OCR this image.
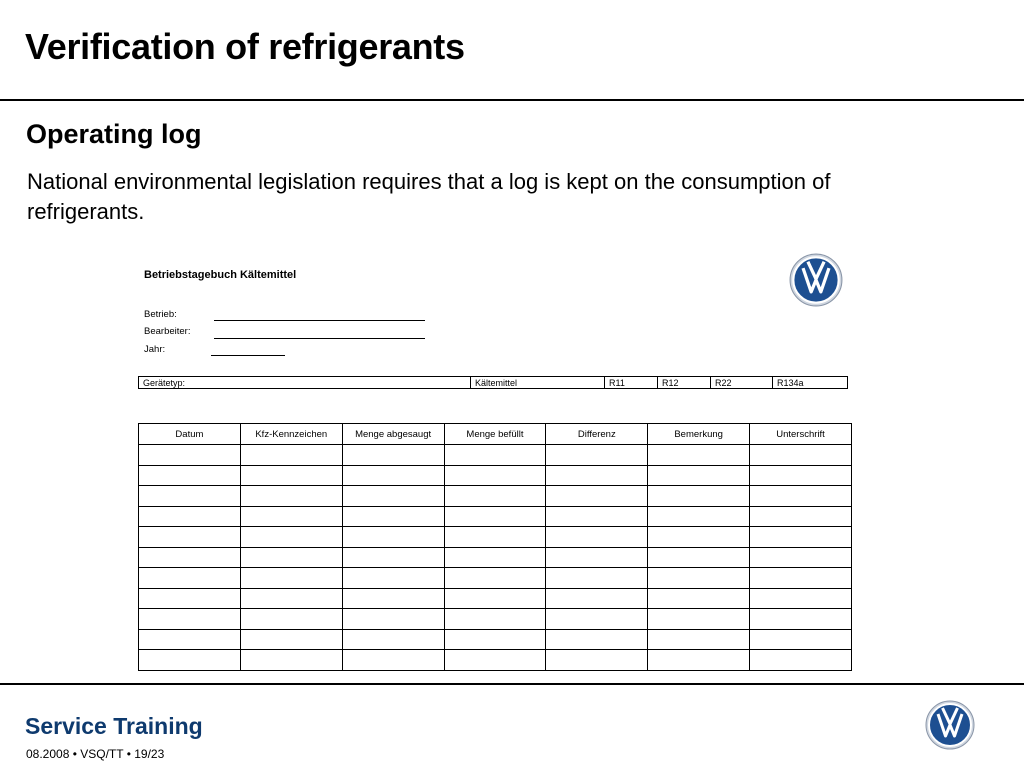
Verification of refrigerants
Operating log
National environmental legislation requires that a log is kept on the consumption of refrigerants.
Betriebstagebuch Kältemittel
Betrieb:
Bearbeiter:
Jahr:
Gerätetyp:	Kältemittel	R11	R12	R22	R134a
Datum	Kfz-Kennzeichen	Menge abgesaugt	Menge befüllt	Differenz	Bemerkung	Unterschrift

Service Training
08.2008 • VSQ/TT • 19/23
